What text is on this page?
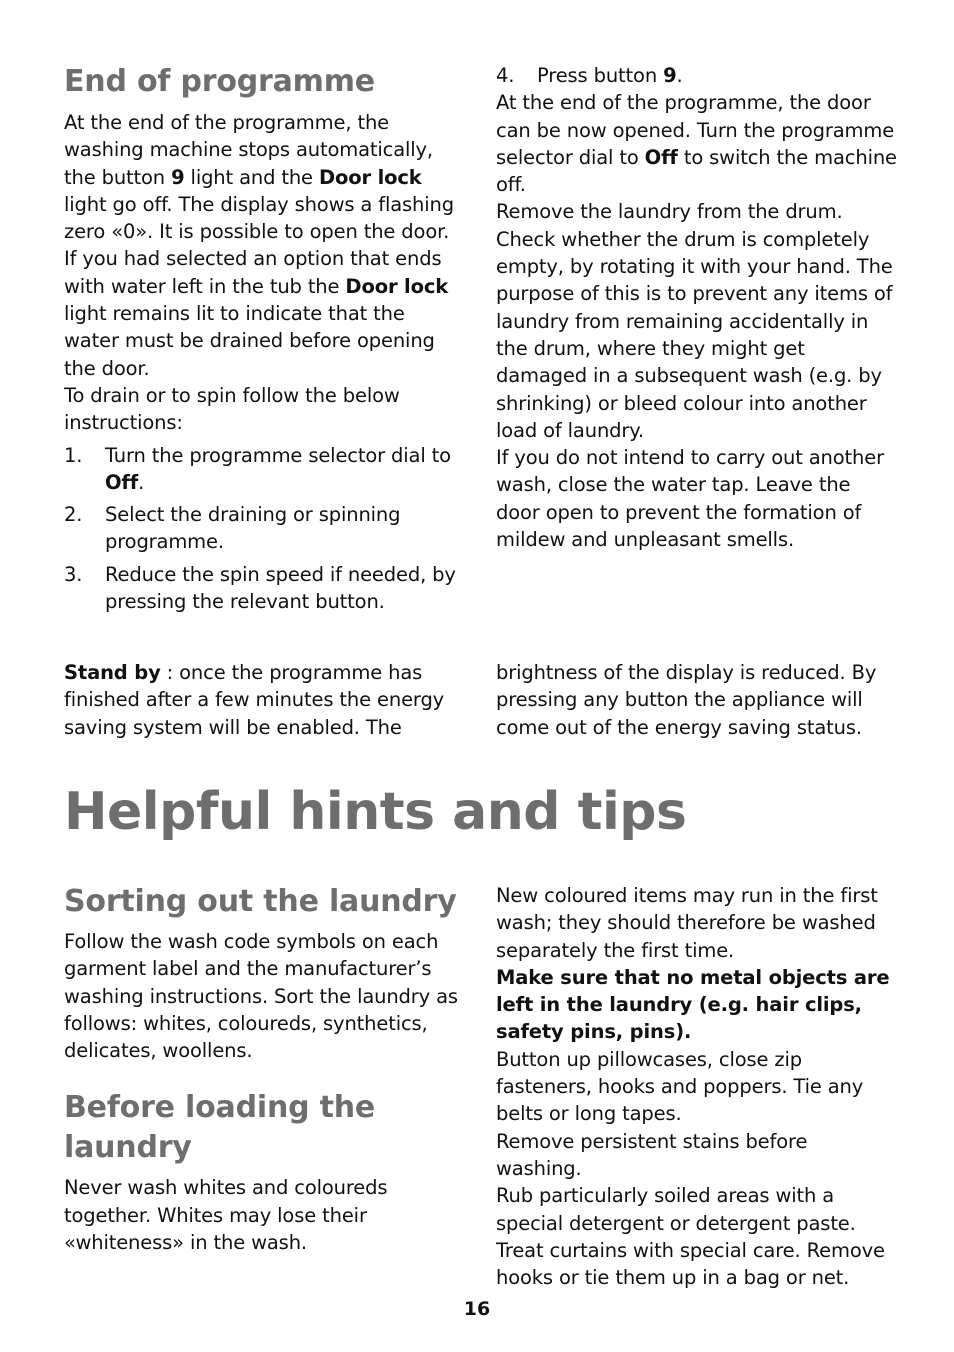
End of programme

At the end of the programme, the washing machine stops automatically, the button 9 light and the Door lock light go off. The display shows a flashing zero «0». It is possible to open the door.

If you had selected an option that ends with water left in the tub the Door lock light remains lit to indicate that the water must be drained before opening the door.

To drain or to spin follow the below instructions:

1.	Turn the programme selector dial to Off.
2.	Select the draining or spinning programme.
3.	Reduce the spin speed if needed, by pressing the relevant button.
4.	Press button 9.

At the end of the programme, the door can be now opened. Turn the programme selector dial to Off to switch the machine off.

Remove the laundry from the drum. Check whether the drum is completely empty, by rotating it with your hand. The purpose of this is to prevent any items of laundry from remaining accidentally in the drum, where they might get damaged in a subsequent wash (e.g. by shrinking) or bleed colour into another load of laundry.

If you do not intend to carry out another wash, close the water tap. Leave the door open to prevent the formation of mildew and unpleasant smells.

Stand by : once the programme has finished after a few minutes the energy saving system will be enabled. The

brightness of the display is reduced. By pressing any button the appliance will come out of the energy saving status.

Helpful hints and tips
Sorting out the laundry

Follow the wash code symbols on each garment label and the manufacturer’s washing instructions. Sort the laundry as follows: whites, coloureds, synthetics, delicates, woollens.

Before loading the laundry

Never wash whites and coloureds together. Whites may lose their «whiteness» in the wash.

New coloured items may run in the first wash; they should therefore be washed separately the first time.

Make sure that no metal objects are left in the laundry (e.g. hair clips, safety pins, pins).

Button up pillowcases, close zip fasteners, hooks and poppers. Tie any belts or long tapes.

Remove persistent stains before washing.

Rub particularly soiled areas with a special detergent or detergent paste.

Treat curtains with special care. Remove hooks or tie them up in a bag or net.

16
